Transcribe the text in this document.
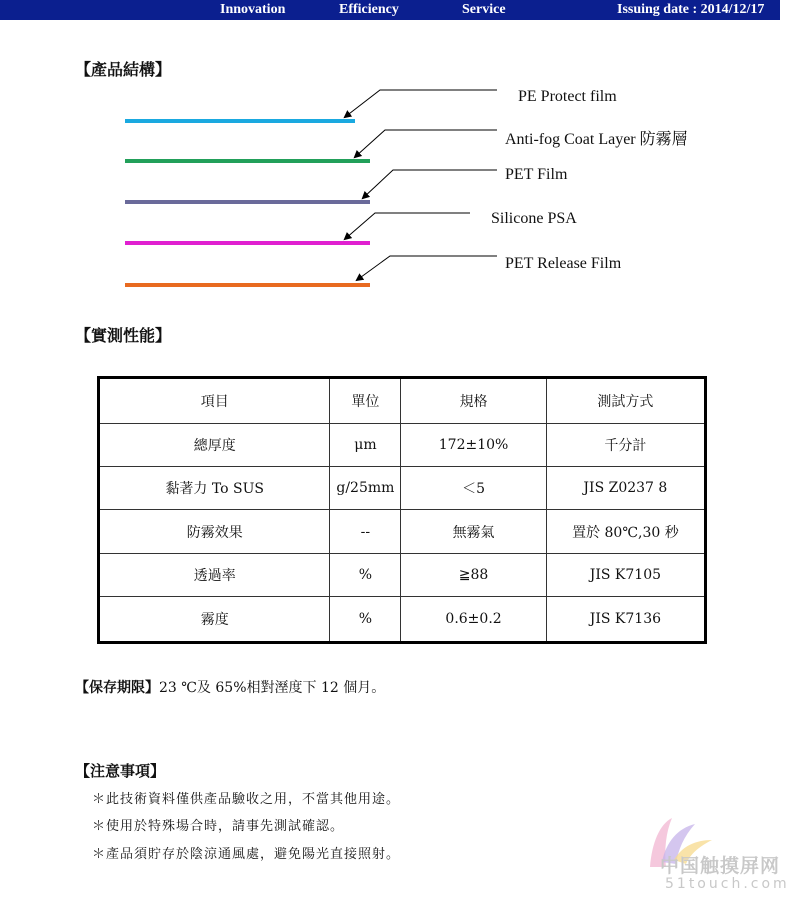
Innovation	Efficiency	Service	Issuing date : 2014/12/17
【產品結構】
PE Protect film
Anti-fog Coat Layer 防霧層
PET Film
Silicone PSA
PET Release Film
【實測性能】
項目	單位	規格	測試方式
總厚度	μm	172±10%	千分計
黏著力 To SUS	g/25mm	＜5	JIS Z0237 8
防霧效果	--	無霧氣	置於 80℃,30 秒
透過率	%	≧88	JIS K7105
霧度	%	0.6±0.2	JIS K7136
【保存期限】23 ℃及 65%相對溼度下 12 個月。
【注意事項】
＊此技術資料僅供產品驗收之用，不當其他用途。
＊使用於特殊場合時，請事先測試確認。
＊產品須貯存於陰涼通風處，避免陽光直接照射。
中国触摸屏网
51touch.com
